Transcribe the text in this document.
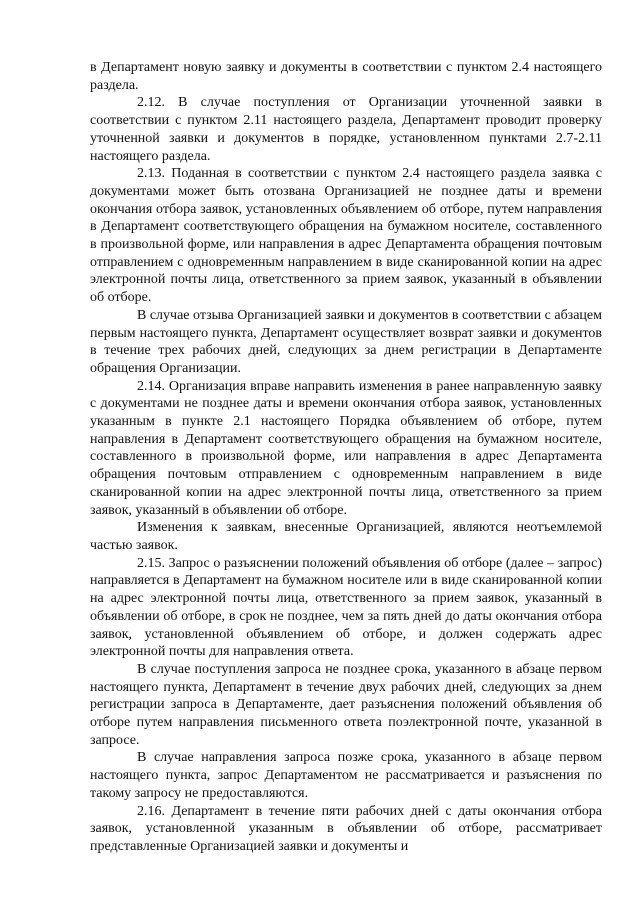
в Департамент новую заявку и документы в соответствии с пунктом 2.4 настоящего раздела.

2.12. В случае поступления от Организации уточненной заявки в соответствии с пунктом 2.11 настоящего раздела, Департамент проводит проверку уточненной заявки и документов в порядке, установленном пунктами 2.7-2.11 настоящего раздела.

2.13. Поданная в соответствии с пунктом 2.4 настоящего раздела заявка с документами может быть отозвана Организацией не позднее даты и времени окончания отбора заявок, установленных объявлением об отборе, путем направления в Департамент соответствующего обращения на бумажном носителе, составленного в произвольной форме, или направления в адрес Департамента обращения почтовым отправлением с одновременным направлением в виде сканированной копии на адрес электронной почты лица, ответственного за прием заявок, указанный в объявлении об отборе.

В случае отзыва Организацией заявки и документов в соответствии с абзацем первым настоящего пункта, Департамент осуществляет возврат заявки и документов в течение трех рабочих дней, следующих за днем регистрации в Департаменте обращения Организации.

2.14. Организация вправе направить изменения в ранее направленную заявку с документами не позднее даты и времени окончания отбора заявок, установленных указанным в пункте 2.1 настоящего Порядка объявлением об отборе, путем направления в Департамент соответствующего обращения на бумажном носителе, составленного в произвольной форме, или направления в адрес Департамента обращения почтовым отправлением с одновременным направлением в виде сканированной копии на адрес электронной почты лица, ответственного за прием заявок, указанный в объявлении об отборе.

Изменения к заявкам, внесенные Организацией, являются неотъемлемой частью заявок.

2.15. Запрос о разъяснении положений объявления об отборе (далее – запрос) направляется в Департамент на бумажном носителе или в виде сканированной копии на адрес электронной почты лица, ответственного за прием заявок, указанный в объявлении об отборе, в срок не позднее, чем за пять дней до даты окончания отбора заявок, установленной объявлением об отборе, и должен содержать адрес электронной почты для направления ответа.

В случае поступления запроса не позднее срока, указанного в абзаце первом настоящего пункта, Департамент в течение двух рабочих дней, следующих за днем регистрации запроса в Департаменте, дает разъяснения положений объявления об отборе путем направления письменного ответа поэлектронной почте, указанной в запросе.

В случае направления запроса позже срока, указанного в абзаце первом настоящего пункта, запрос Департаментом не рассматривается и разъяснения по такому запросу не предоставляются.

2.16. Департамент в течение пяти рабочих дней с даты окончания отбора заявок, установленной указанным в объявлении об отборе, рассматривает представленные Организацией заявки и документы и
